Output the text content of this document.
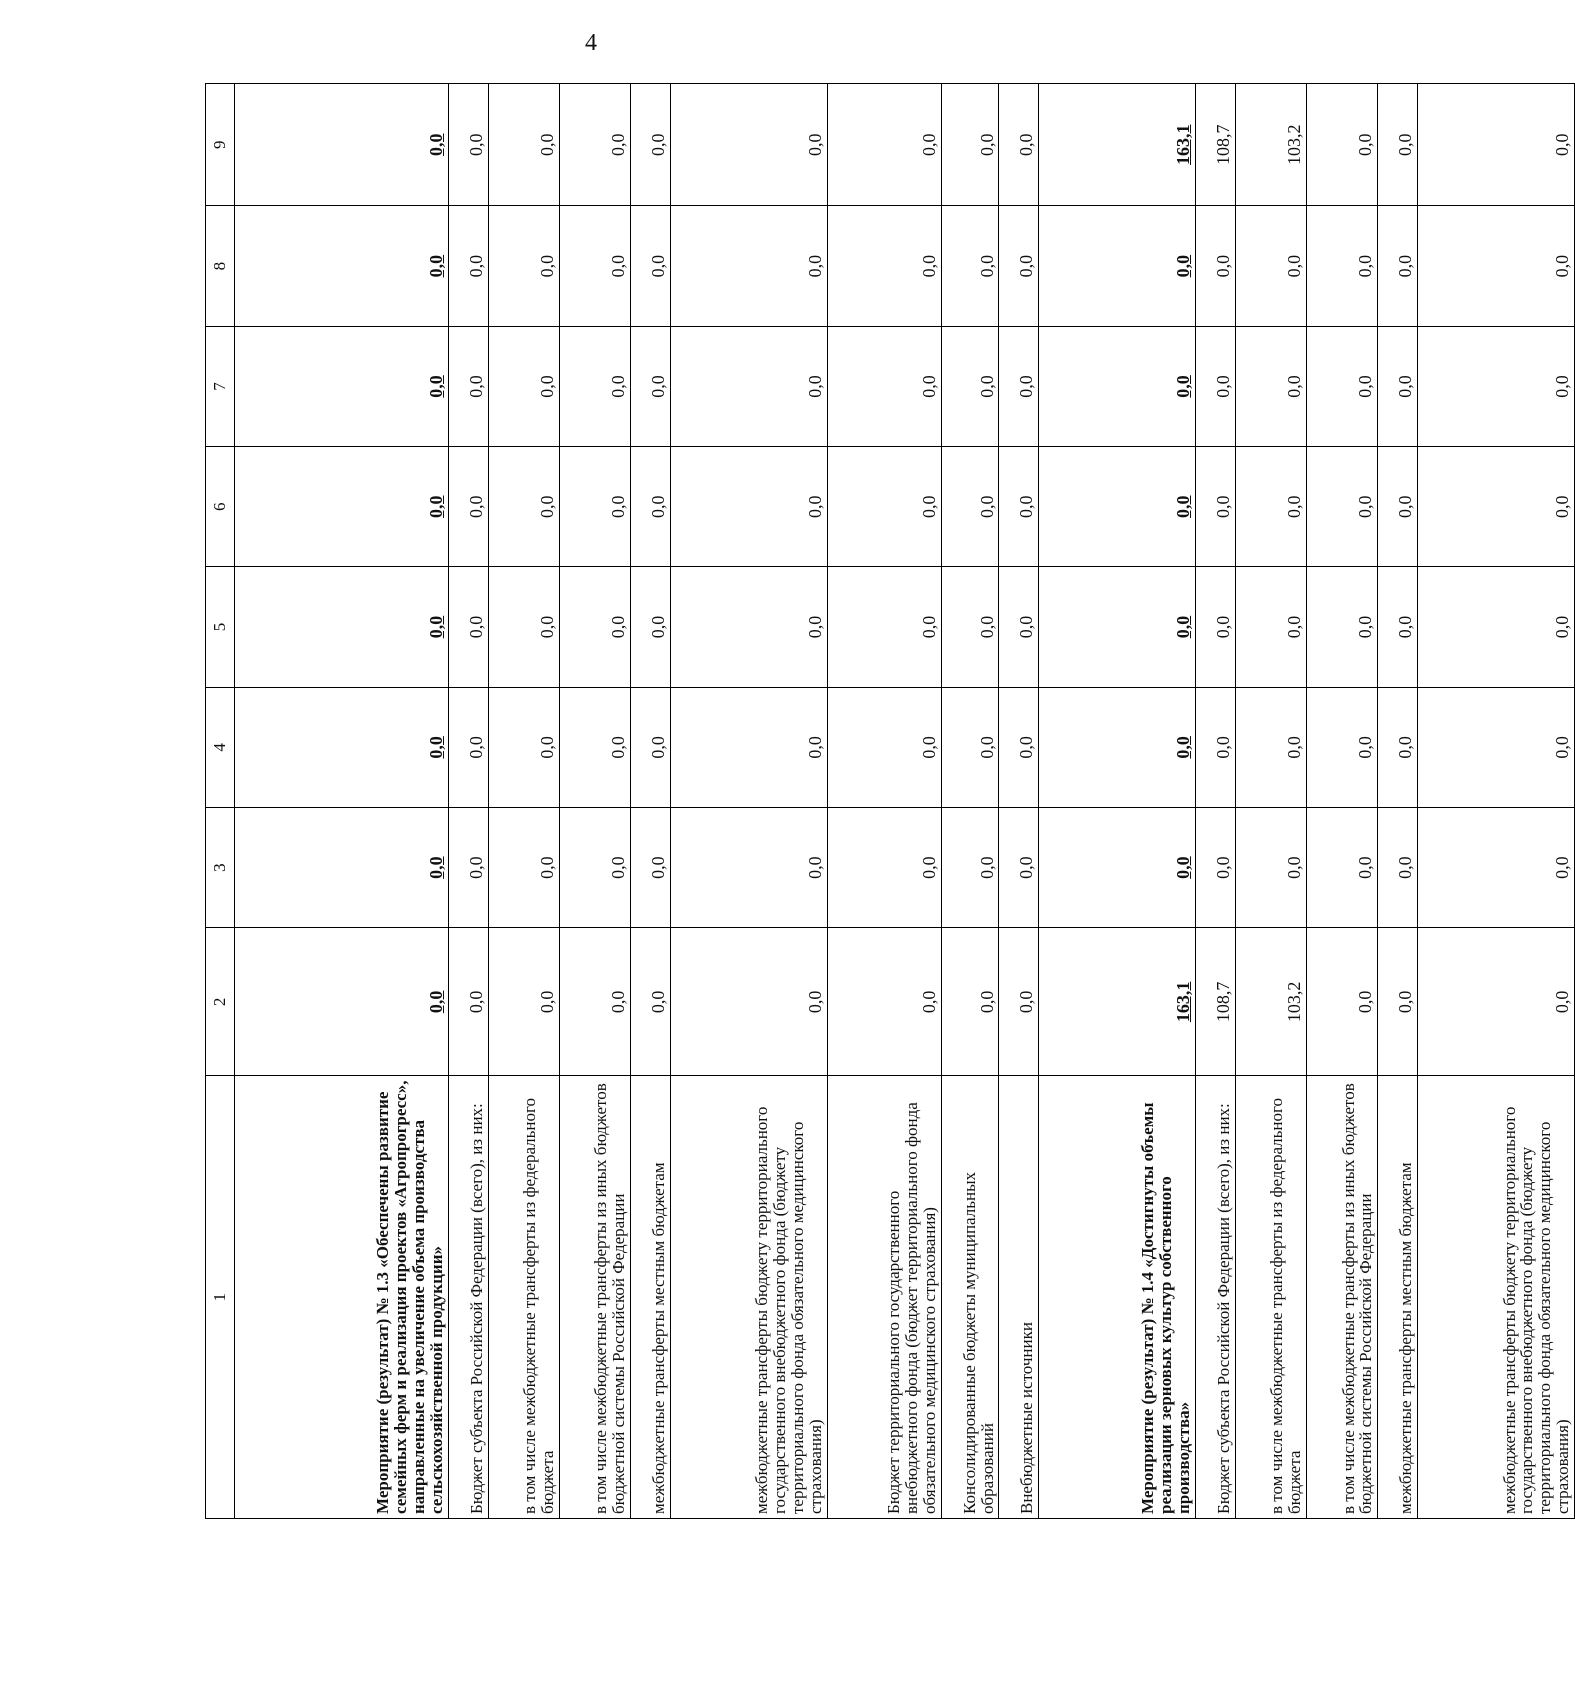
4
1	2	3	4	5	6	7	8	9
Мероприятие (результат) № 1.3 «Обеспечены развитие семейных ферм и реализация проектов «Агропрогресс», направленные на увеличение объема производства сельскохозяйственной продукции»	0,0	0,0	0,0	0,0	0,0	0,0	0,0	0,0
Бюджет субъекта Российской Федерации (всего), из них:	0,0	0,0	0,0	0,0	0,0	0,0	0,0	0,0
в том числе межбюджетные трансферты из федерального бюджета	0,0	0,0	0,0	0,0	0,0	0,0	0,0	0,0
в том числе межбюджетные трансферты из иных бюджетов бюджетной системы Российской Федерации	0,0	0,0	0,0	0,0	0,0	0,0	0,0	0,0
межбюджетные трансферты местным бюджетам	0,0	0,0	0,0	0,0	0,0	0,0	0,0	0,0
межбюджетные трансферты бюджету территориального государственного внебюджетного фонда (бюджету территориального фонда обязательного медицинского страхования)	0,0	0,0	0,0	0,0	0,0	0,0	0,0	0,0
Бюджет территориального государственного внебюджетного фонда (бюджет территориального фонда обязательного медицинского страхования)	0,0	0,0	0,0	0,0	0,0	0,0	0,0	0,0
Консолидированные бюджеты муниципальных образований	0,0	0,0	0,0	0,0	0,0	0,0	0,0	0,0
Внебюджетные источники	0,0	0,0	0,0	0,0	0,0	0,0	0,0	0,0
Мероприятие (результат) № 1.4 «Достигнуты объемы реализации зерновых культур собственного производства»	163,1	0,0	0,0	0,0	0,0	0,0	0,0	163,1
Бюджет субъекта Российской Федерации (всего), из них:	108,7	0,0	0,0	0,0	0,0	0,0	0,0	108,7
в том числе межбюджетные трансферты из федерального бюджета	103,2	0,0	0,0	0,0	0,0	0,0	0,0	103,2
в том числе межбюджетные трансферты из иных бюджетов бюджетной системы Российской Федерации	0,0	0,0	0,0	0,0	0,0	0,0	0,0	0,0
межбюджетные трансферты местным бюджетам	0,0	0,0	0,0	0,0	0,0	0,0	0,0	0,0
межбюджетные трансферты бюджету территориального государственного внебюджетного фонда (бюджету территориального фонда обязательного медицинского страхования)	0,0	0,0	0,0	0,0	0,0	0,0	0,0	0,0
